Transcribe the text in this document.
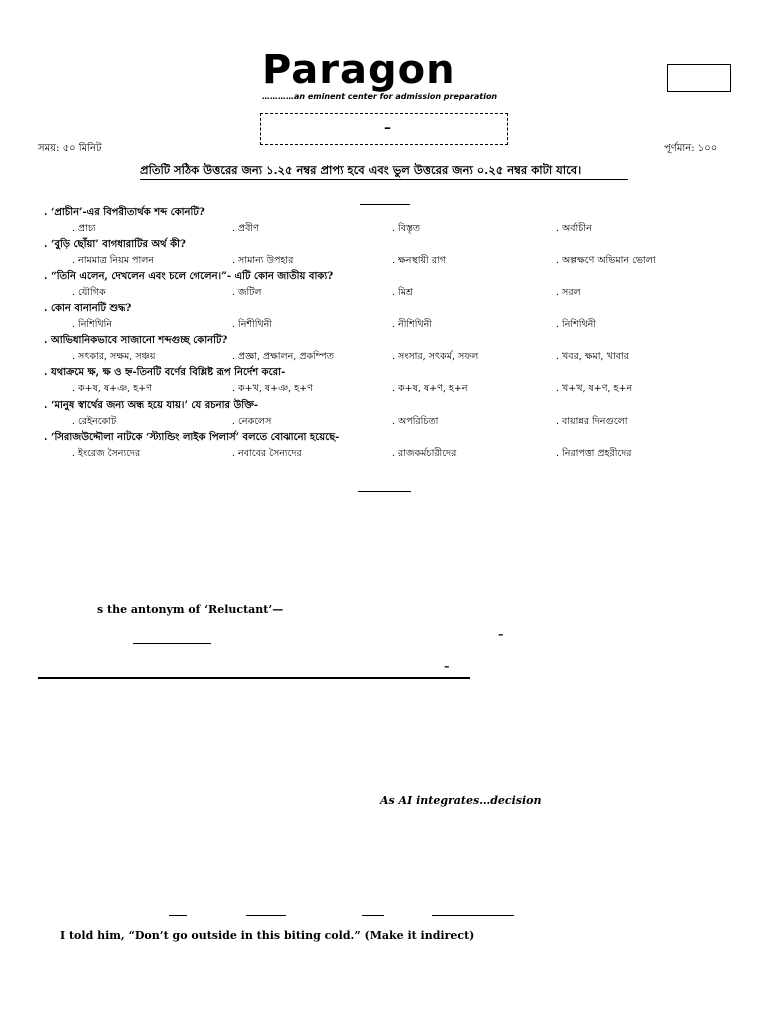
Paragon
…………an eminent center for admission preparation
–
সময়: ৫০ মিনিট	পূর্ণমান: ১০০
প্রতিটি সঠিক উত্তরের জন্য ১.২৫ নম্বর প্রাপ্য হবে এবং ভুল উত্তরের জন্য ০.২৫ নম্বর কাটা যাবে।
. ‘প্রাচীন’-এর বিপরীতার্থক শব্দ কোনটি?
. প্রাচ্য	. প্রবীণ	. বিস্তৃত	. অর্বাচীন
. ‘বুড়ি ছোঁয়া’ বাগধারাটির অর্থ কী?
. নামমাত্র নিয়ম পালন	. সামান্য উপহার	. ক্ষনস্থায়ী রাগ	. অল্পক্ষণে অভিমান ভোলা
. “তিনি এলেন, দেখলেন এবং চলে গেলেন।”- এটি কোন জাতীয় বাক্য?
. যৌগিক	. জটিল	. মিশ্র	. সরল
. কোন বানানটি শুদ্ধ?
. নিশিথিনি	. নিশীথিনী	. নীশিথিনী	. নিশিথিনী
. আভিধানিকভাবে সাজানো শব্দগুচ্ছ কোনটি?
. সৎকার, সক্ষম, সঞ্চয়	. প্রজ্ঞা, প্রক্ষালন, প্রকম্পিত	. সংসার, সৎকর্ম, সফল	. খবর, ক্ষমা, খাবার
. যথাক্রমে ক্ষ, ক্ষ ও হ্ন-তিনটি বর্ণের বিশ্লিষ্ট রূপ নির্দেশ করো-
. ক+ষ, ষ+ঞ, হ+ণ	. ক+খ, ষ+ঞ, হ+ণ	. ক+ষ, ষ+ণ, হ+ন	. খ+খ, ষ+ণ, হ+ন
. ‘মানুষ স্বার্থের জন্য অন্ধ হয়ে যায়।’ যে রচনার উক্তি-
. রেইনকোট	. নেকলেস	. অপরিচিতা	. বায়ান্নর দিনগুলো
. ‘সিরাজউদ্দৌলা নাটকে ‘স্ট্যান্ডিং লাইক পিলার্স’ বলতে বোঝানো হয়েছে-
. ইংরেজ সৈন্যদের	. নবাবের সৈন্যদের	. রাজকর্মচারীদের	. নিরাপত্তা প্রহরীদের
s the antonym of ‘Reluctant’—
–
–
As AI integrates…decision
I told him, “Don’t go outside in this biting cold.” (Make it indirect)
